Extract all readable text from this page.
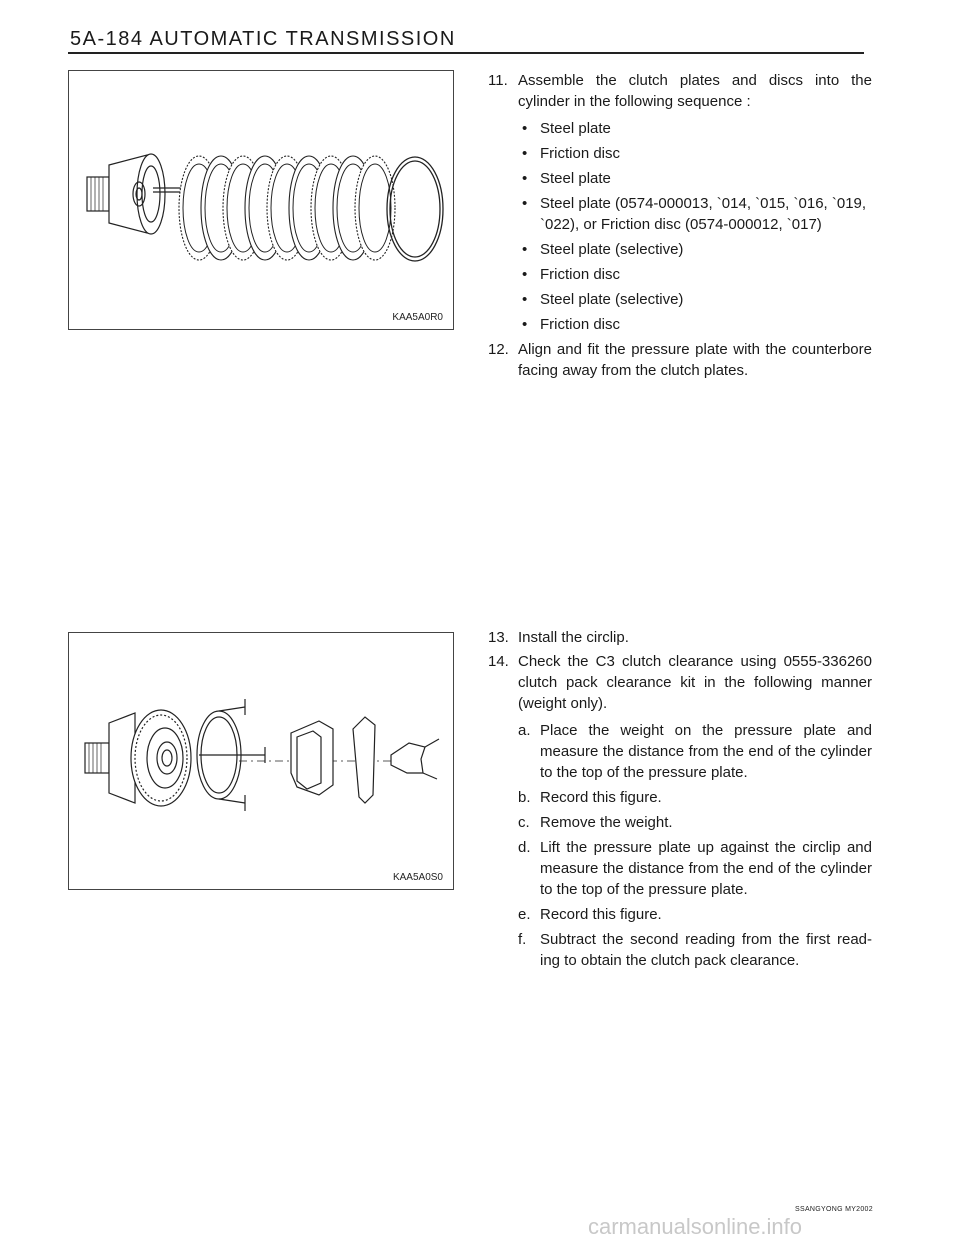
5A-184 AUTOMATIC TRANSMISSION
KAA5A0R0
KAA5A0S0
11. Assemble the clutch plates and discs into the cylinder in the following sequence :
• Steel plate
• Friction disc
• Steel plate
• Steel plate (0574-000013, `014, `015, `016, `019, `022), or Friction disc (0574-000012, `017)
• Steel plate (selective)
• Friction disc
• Steel plate (selective)
• Friction disc
12. Align and fit the pressure plate with the counterbore facing away from the clutch plates.
13. Install the circlip.
14. Check the C3 clutch clearance using 0555-336260 clutch pack clearance kit in the following manner (weight only).
a. Place the weight on the pressure plate and measure the distance from the end of the cylinder to the top of the pressure plate.
b. Record this figure.
c. Remove the weight.
d. Lift the pressure plate up against the circlip and measure the distance from the end of the cylinder to the top of the pressure plate.
e. Record this figure.
f. Subtract the second reading from the first read-ing to obtain the clutch pack clearance.
SSANGYONG MY2002
carmanualsonline.info
